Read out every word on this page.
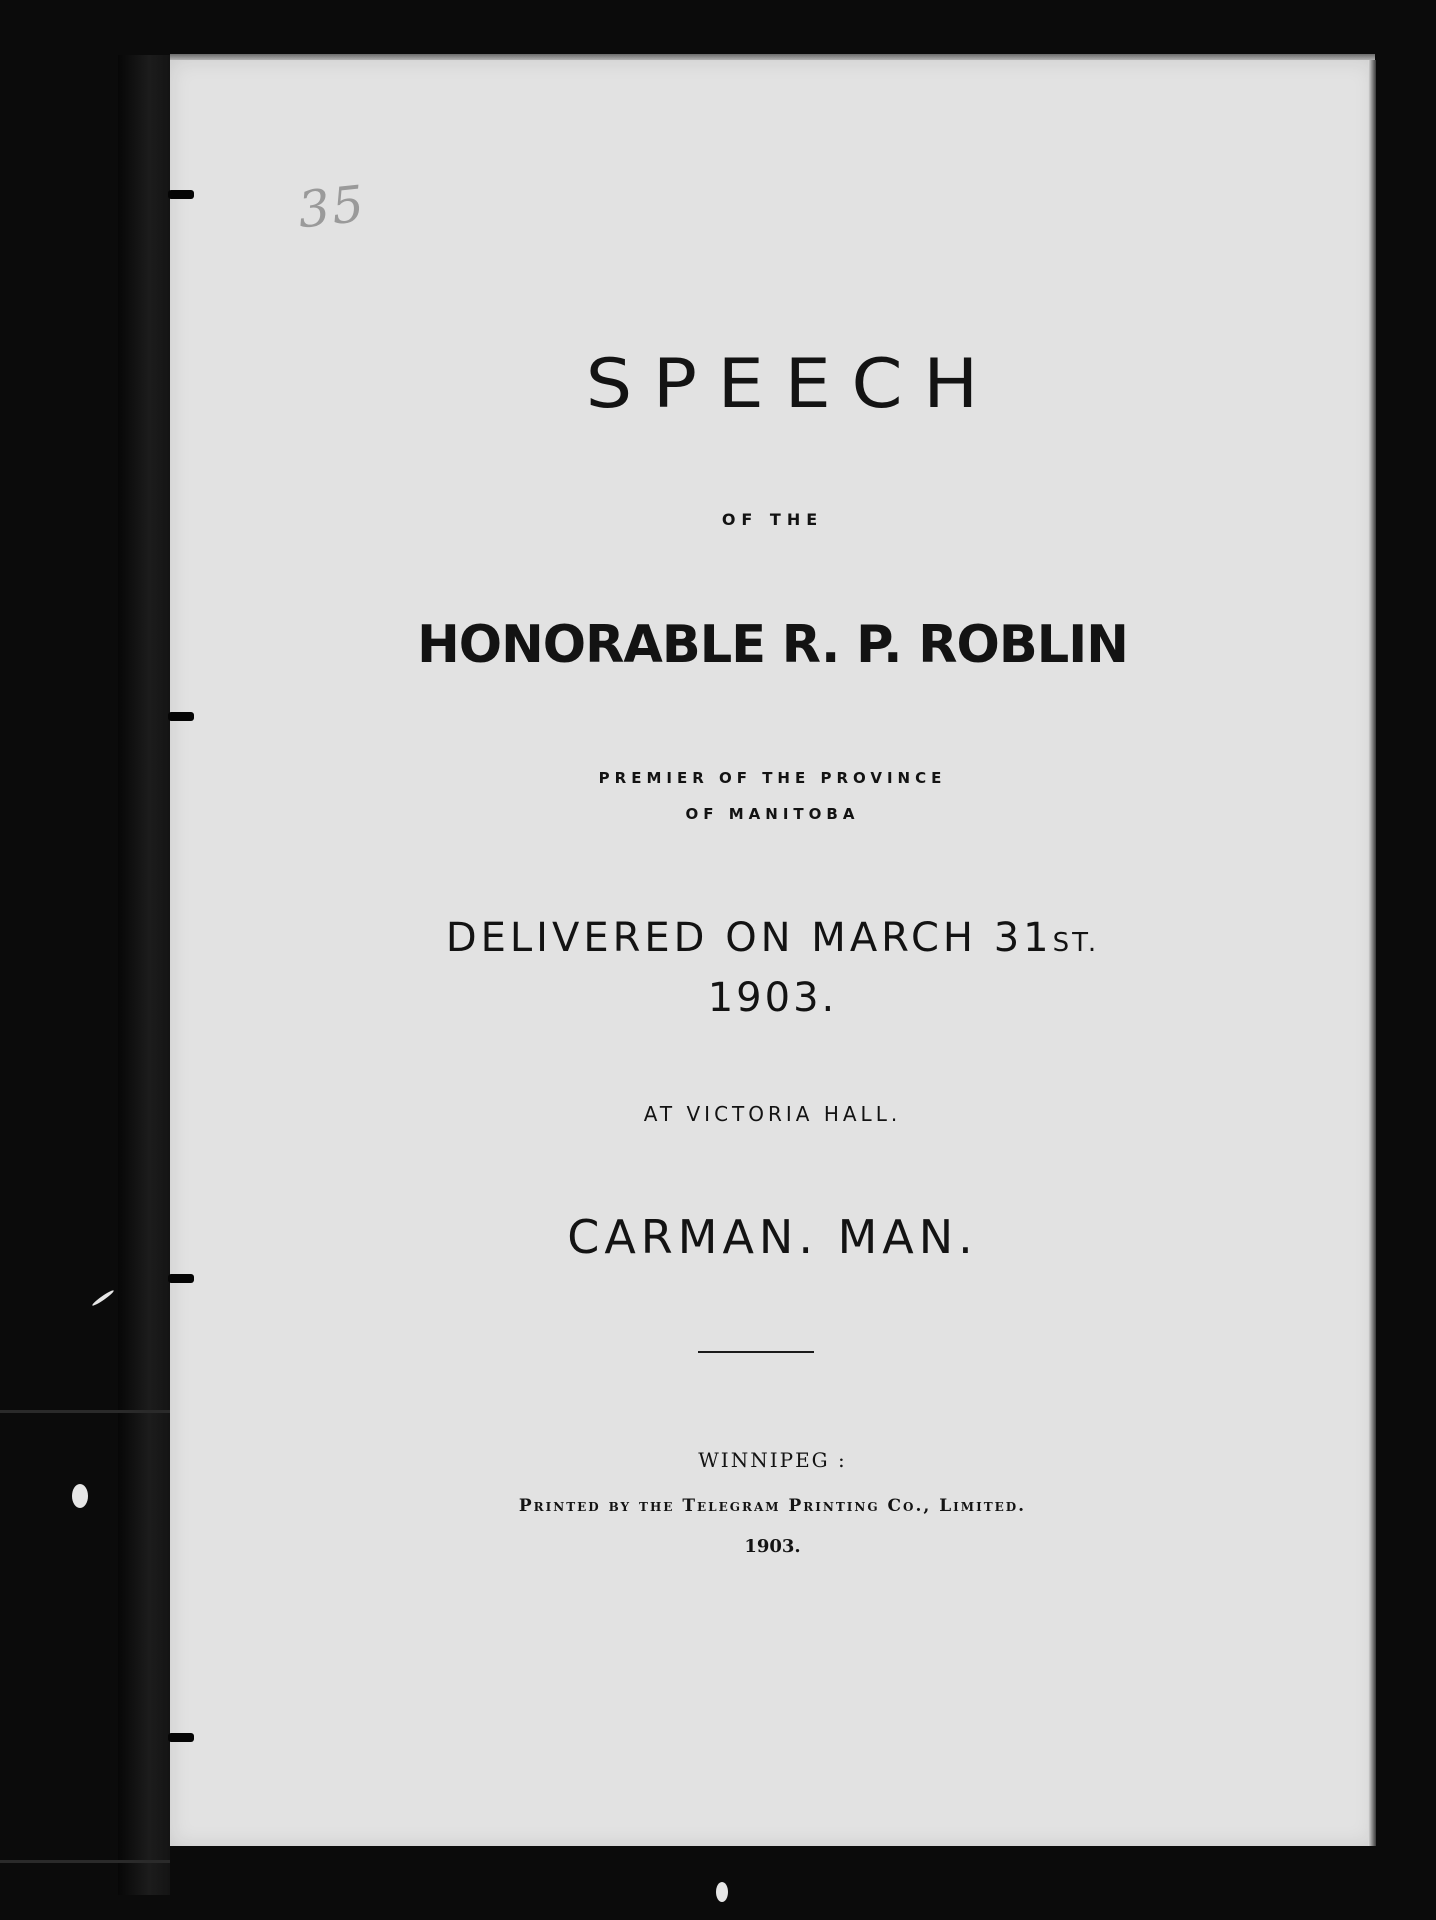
35
SPEECH

OF THE

HONORABLE R. P. ROBLIN

PREMIER OF THE PROVINCE

OF MANITOBA

DELIVERED ON MARCH 31ST.

1903.

AT VICTORIA HALL.

CARMAN. MAN.

WINNIPEG :

Printed by the Telegram Printing Co., Limited.

1903.
